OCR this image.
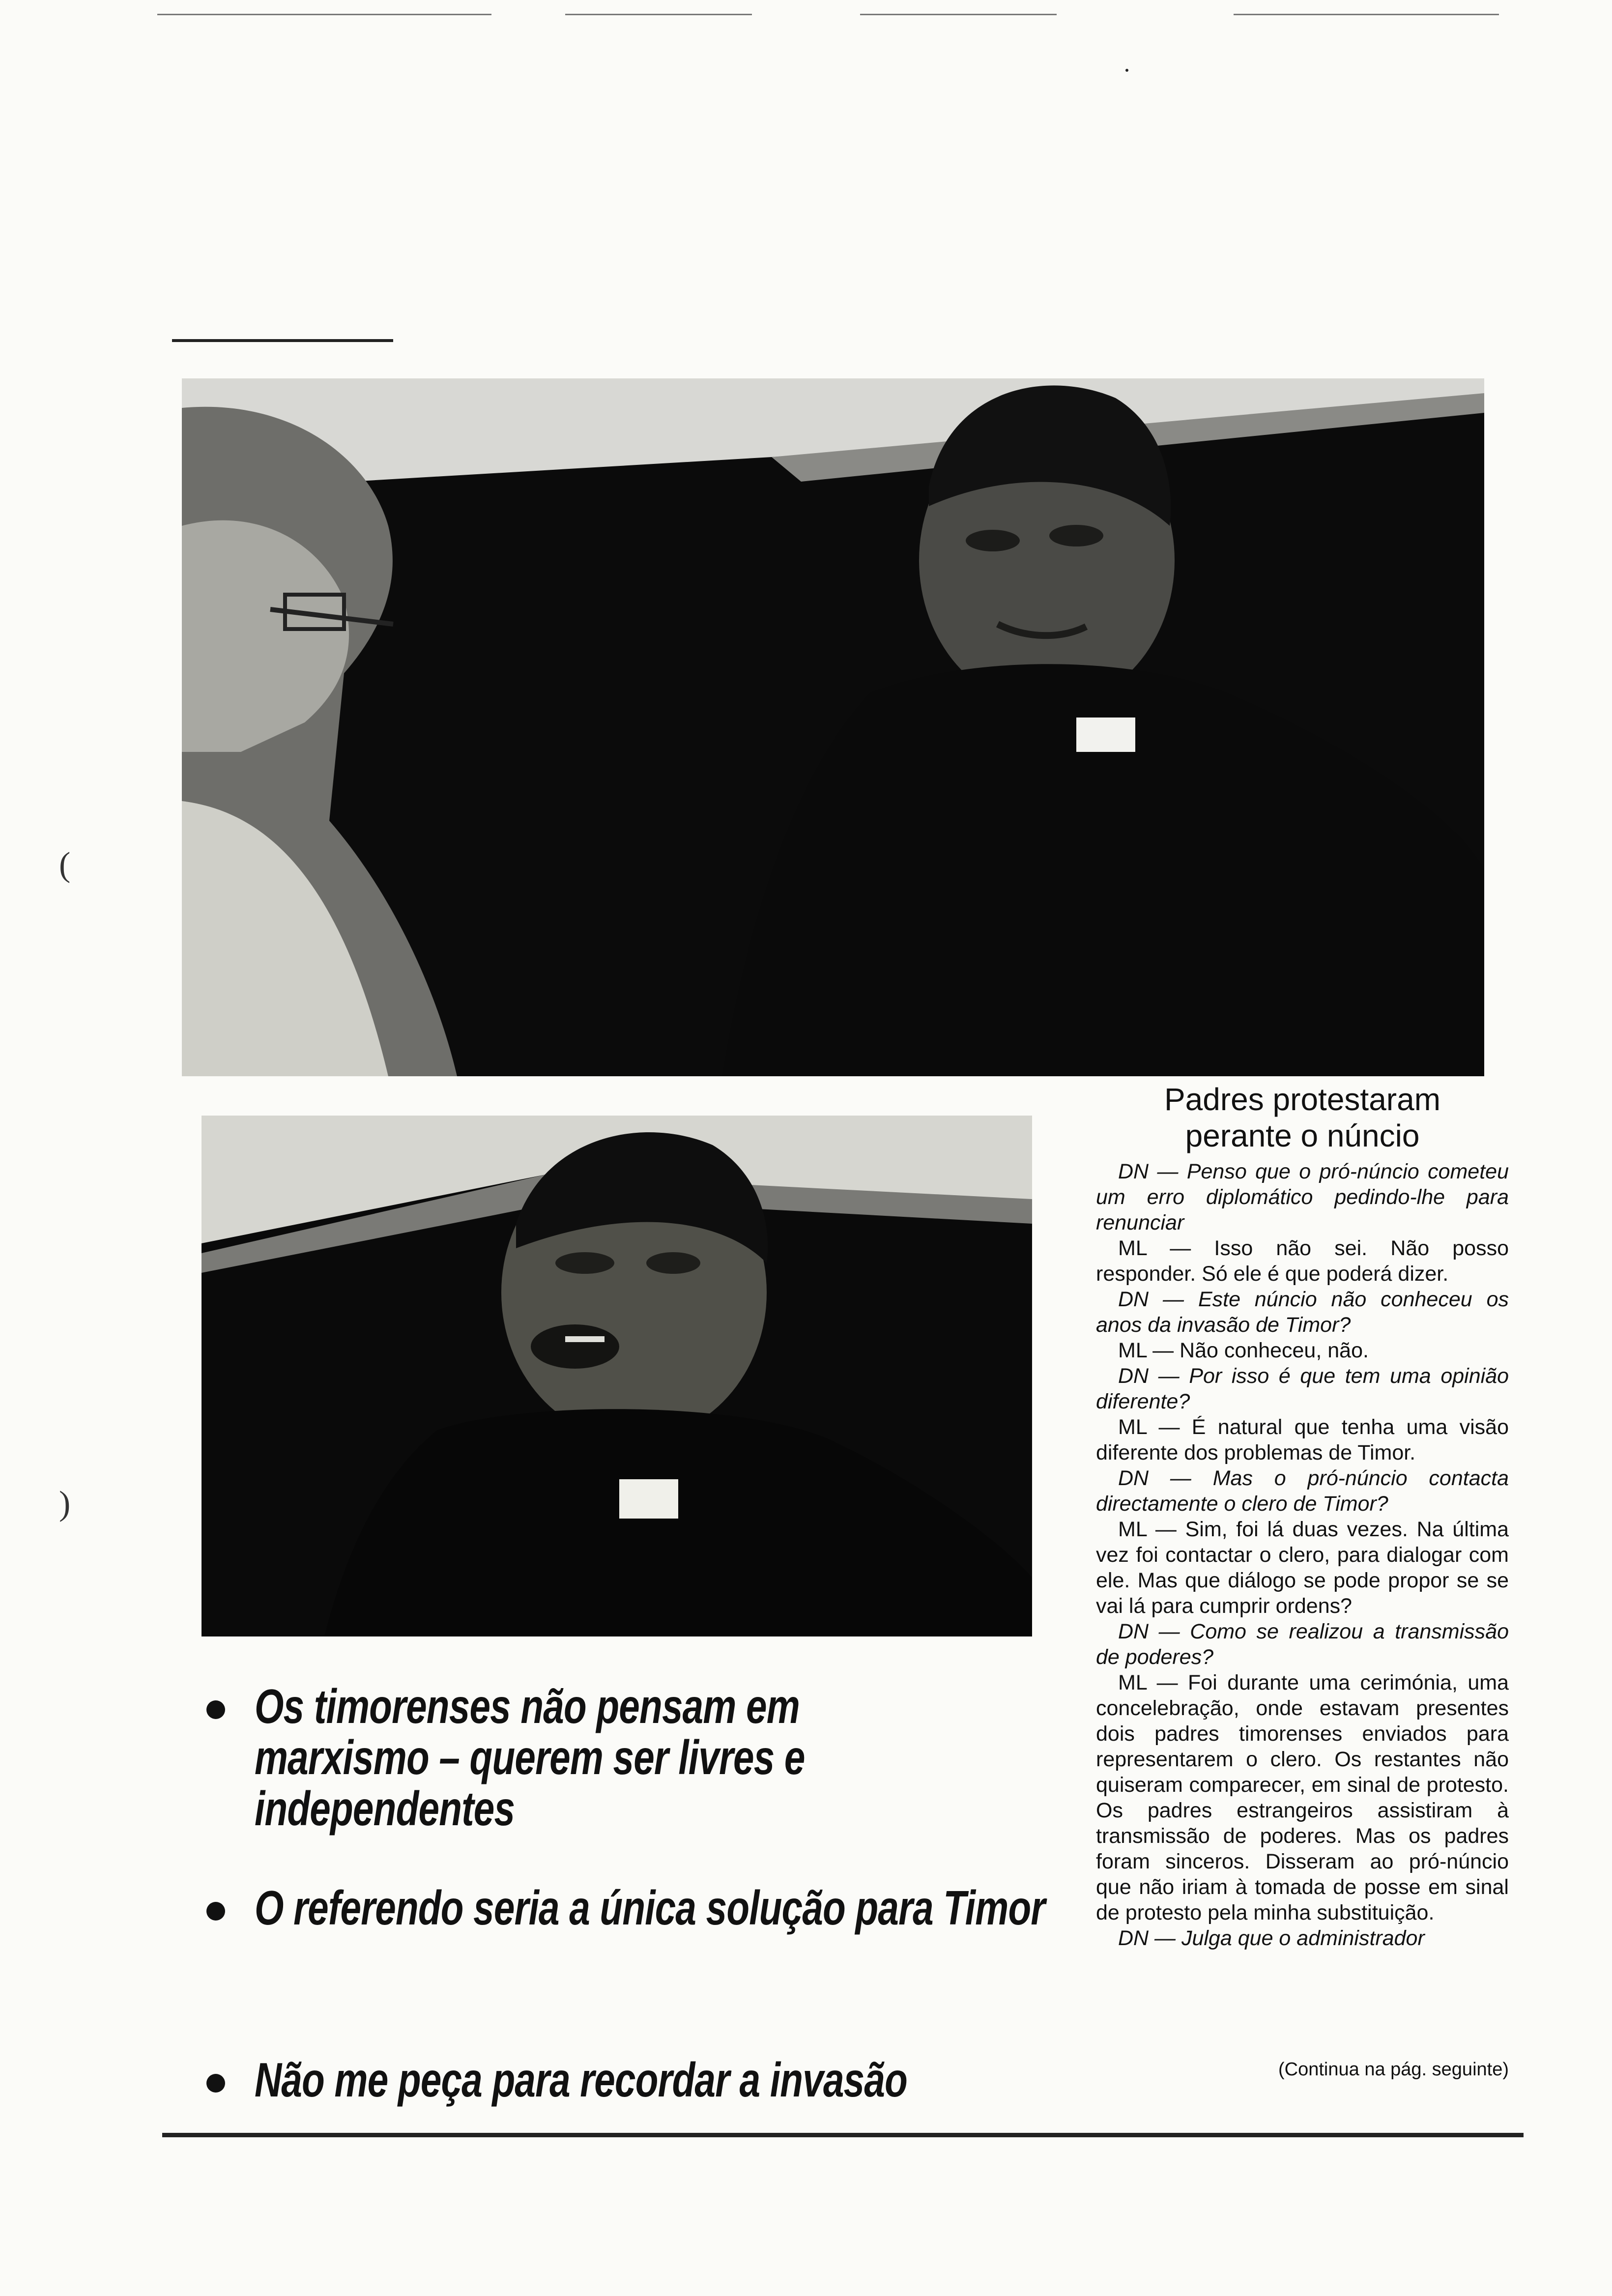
Padres protestaram
perante o núncio

DN — Penso que o pró-núncio cometeu um erro diplomático pedindo-lhe para renunciar

ML — Isso não sei. Não posso responder. Só ele é que poderá dizer.

DN — Este núncio não conheceu os anos da invasão de Timor?

ML — Não conheceu, não.

DN — Por isso é que tem uma opinião diferente?

ML — É natural que tenha uma visão diferente dos problemas de Timor.

DN — Mas o pró-núncio contacta directamente o clero de Timor?

ML — Sim, foi lá duas vezes. Na última vez foi contactar o clero, para dialogar com ele. Mas que diálogo se pode propor se se vai lá para cumprir ordens?

DN — Como se realizou a transmissão de poderes?

ML — Foi durante uma cerimónia, uma concelebração, onde estavam presentes dois padres timorenses enviados para representarem o clero. Os restantes não quiseram comparecer, em sinal de protesto. Os padres estrangeiros assistiram à transmissão de poderes. Mas os padres foram sinceros. Disseram ao pró-núncio que não iriam à tomada de posse em sinal de protesto pela minha substituição.

DN — Julga que o administrador

(Continua na pág. seguinte)
Os timorenses não pensam em marxismo – querem ser livres e independentes
O referendo seria a única solução para Timor
Não me peça para recordar a invasão
(
)
